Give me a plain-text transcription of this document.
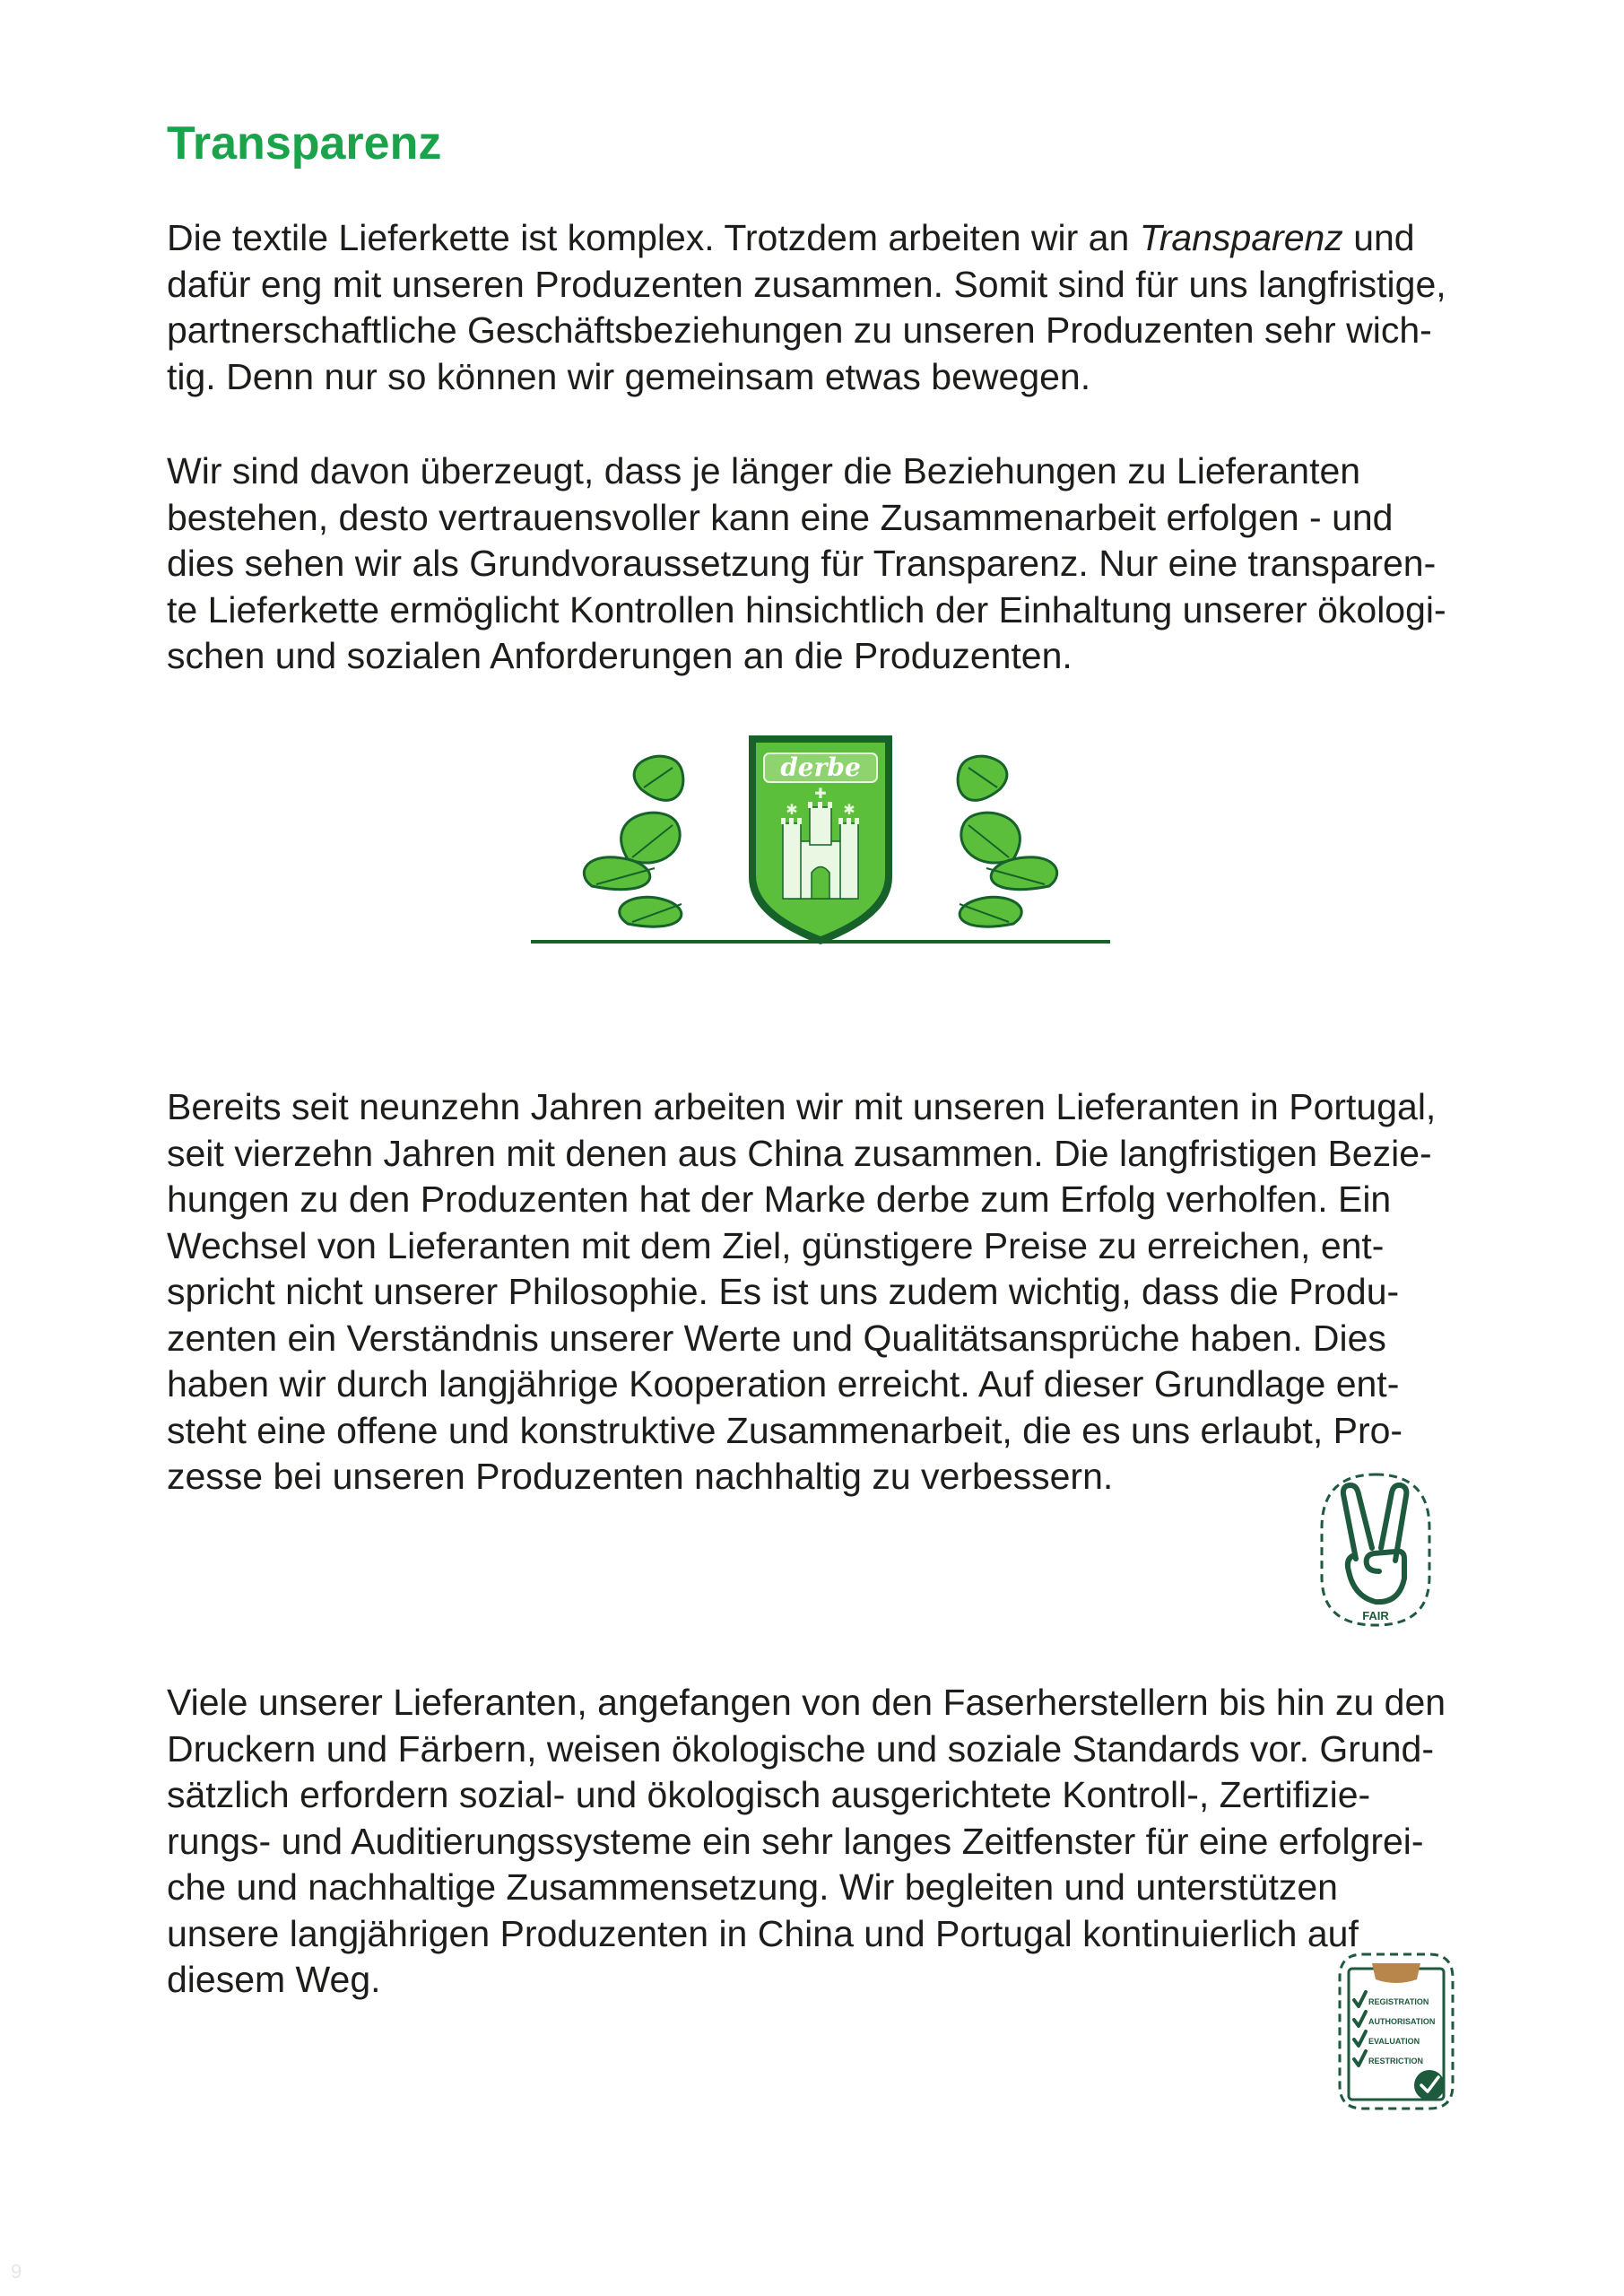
Transparenz
Die textile Lieferkette ist komplex. Trotzdem arbeiten wir an Transparenz und
dafür eng mit unseren Produzenten zusammen. Somit sind für uns langfristige,
partnerschaftliche Geschäftsbeziehungen zu unseren Produzenten sehr wich-
tig. Denn nur so können wir gemeinsam etwas bewegen.
Wir sind davon überzeugt, dass je länger die Beziehungen zu Lieferanten
bestehen, desto vertrauensvoller kann eine Zusammenarbeit erfolgen - und
dies sehen wir als Grundvoraussetzung für Transparenz. Nur eine transparen-
te Lieferkette ermöglicht Kontrollen hinsichtlich der Einhaltung unserer ökologi-
schen und sozialen Anforderungen an die Produzenten.
derbe
✱	✱
✚
Bereits seit neunzehn Jahren arbeiten wir mit unseren Lieferanten in Portugal,
seit vierzehn Jahren mit denen aus China zusammen. Die langfristigen Bezie-
hungen zu den Produzenten hat der Marke derbe zum Erfolg verholfen. Ein
Wechsel von Lieferanten mit dem Ziel, günstigere Preise zu erreichen, ent-
spricht nicht unserer Philosophie. Es ist uns zudem wichtig, dass die Produ-
zenten ein Verständnis unserer Werte und Qualitätsansprüche haben. Dies
haben wir durch langjährige Kooperation erreicht. Auf dieser Grundlage ent-
steht eine offene und konstruktive Zusammenarbeit, die es uns erlaubt, Pro-
zesse bei unseren Produzenten nachhaltig zu verbessern.
FAIR
Viele unserer Lieferanten, angefangen von den Faserherstellern bis hin zu den
Druckern und Färbern, weisen ökologische und soziale Standards vor. Grund-
sätzlich erfordern sozial- und ökologisch ausgerichtete Kontroll-, Zertifizie-
rungs- und Auditierungssysteme ein sehr langes Zeitfenster für eine erfolgrei-
che und nachhaltige Zusammensetzung. Wir begleiten und unterstützen
unsere langjährigen Produzenten in China und Portugal kontinuierlich auf
diesem Weg.
REGISTRATION
AUTHORISATION
EVALUATION
RESTRICTION
9
